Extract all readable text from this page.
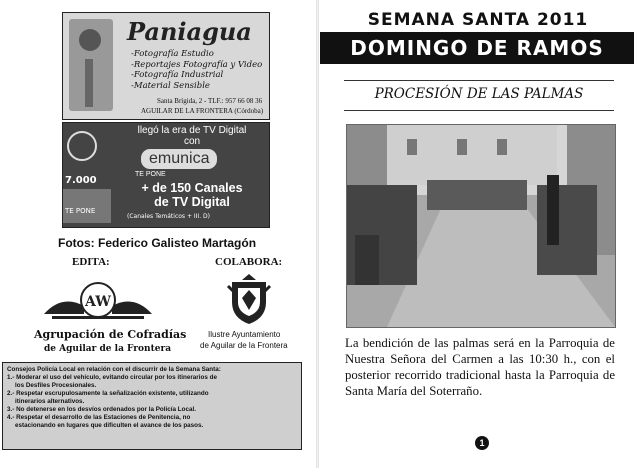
Paniagua
-Fotografía Estudio
-Reportajes Fotografía y Video
-Fotografía Industrial
-Material Sensible
Santa Brígida, 2 - TLF.: 957 66 08 36
AGUILAR DE LA FRONTERA (Córdoba)
7.000
TE PONE
llegó la era de TV Digital
con
emunica
TE PONE
+ de 150 Canales
de TV Digital
(Canales Temáticos + III. D)
Fotos: Federico Galisteo Martagón
EDITA:	COLABORA:
AW
Agrupación de Cofradías
de Aguilar de la Frontera
Ilustre Ayuntamiento
de Aguilar de la Frontera
Consejos Policía Local en relación con el discurrir de la Semana Santa:
1.- Moderar el uso del vehículo, evitando circular por los itinerarios de
los Desfiles Procesionales.
2.- Respetar escrupulosamente la señalización existente, utilizando
itinerarios alternativos.
3.- No detenerse en los desvíos ordenados por la Policía Local.
4.- Respetar el desarrollo de las Estaciones de Penitencia, no
estacionando en lugares que dificulten el avance de los pasos.
SEMANA SANTA 2011
DOMINGO DE RAMOS
PROCESIÓN DE LAS PALMAS
La bendición de las palmas será en la Parroquia de Nuestra Señora del Carmen a las 10:30 h., con el posterior recorrido tradicional hasta la Parroquia de Santa María del Soterraño.
1
